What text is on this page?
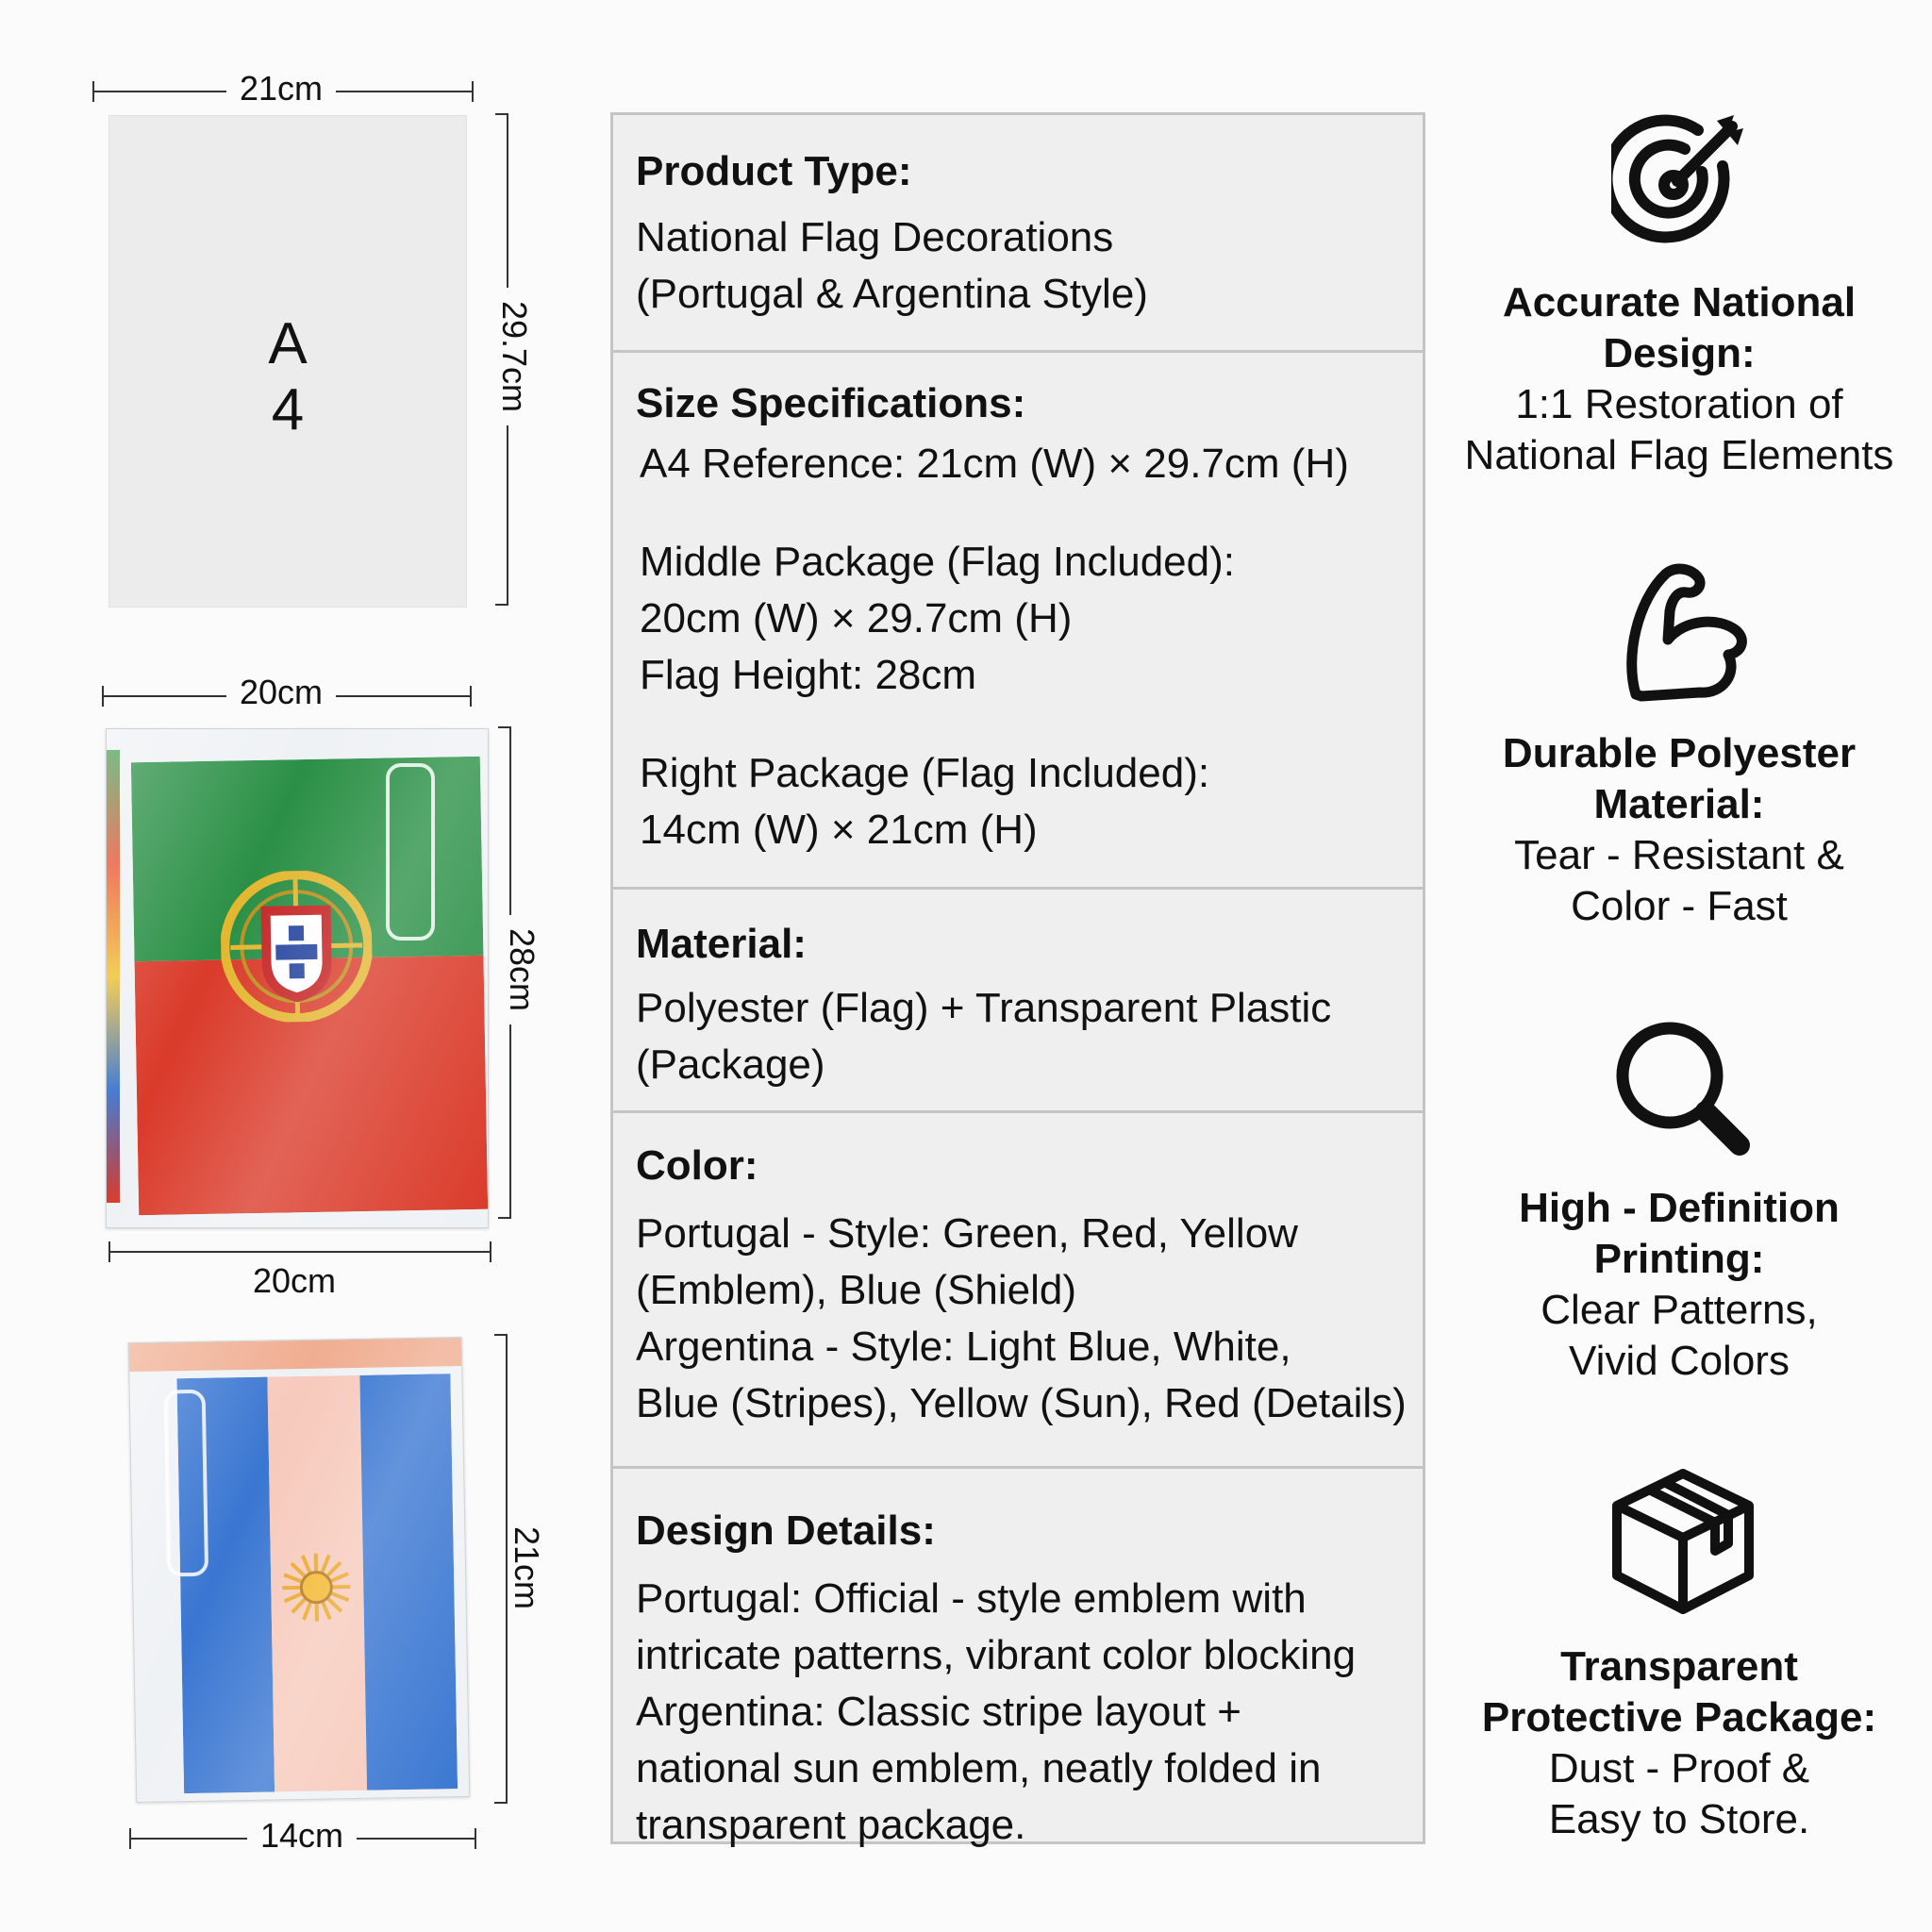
21cm
A
4	29.7cm
20cm
28cm
20cm
21cm
14cm
Product Type:
National Flag Decorations
(Portugal & Argentina Style)
Size Specifications:
A4 Reference: 21cm (W) × 29.7cm (H)
Middle Package (Flag Included):
20cm (W) × 29.7cm (H)
Flag Height: 28cm
Right Package (Flag Included):
14cm (W) × 21cm (H)
Material:
Polyester (Flag) + Transparent Plastic
(Package)
Color:
Portugal - Style: Green, Red, Yellow
(Emblem), Blue (Shield)
Argentina - Style: Light Blue, White,
Blue (Stripes), Yellow (Sun), Red (Details)
Design Details:
Portugal: Official - style emblem with
intricate patterns, vibrant color blocking
Argentina: Classic stripe layout +
national sun emblem, neatly folded in
transparent package.
Accurate National
Design:
1:1 Restoration of
National Flag Elements
Durable Polyester
Material:
Tear - Resistant &
Color - Fast
High - Definition
Printing:
Clear Patterns,
Vivid Colors
Transparent
Protective Package:
Dust - Proof &
Easy to Store.
